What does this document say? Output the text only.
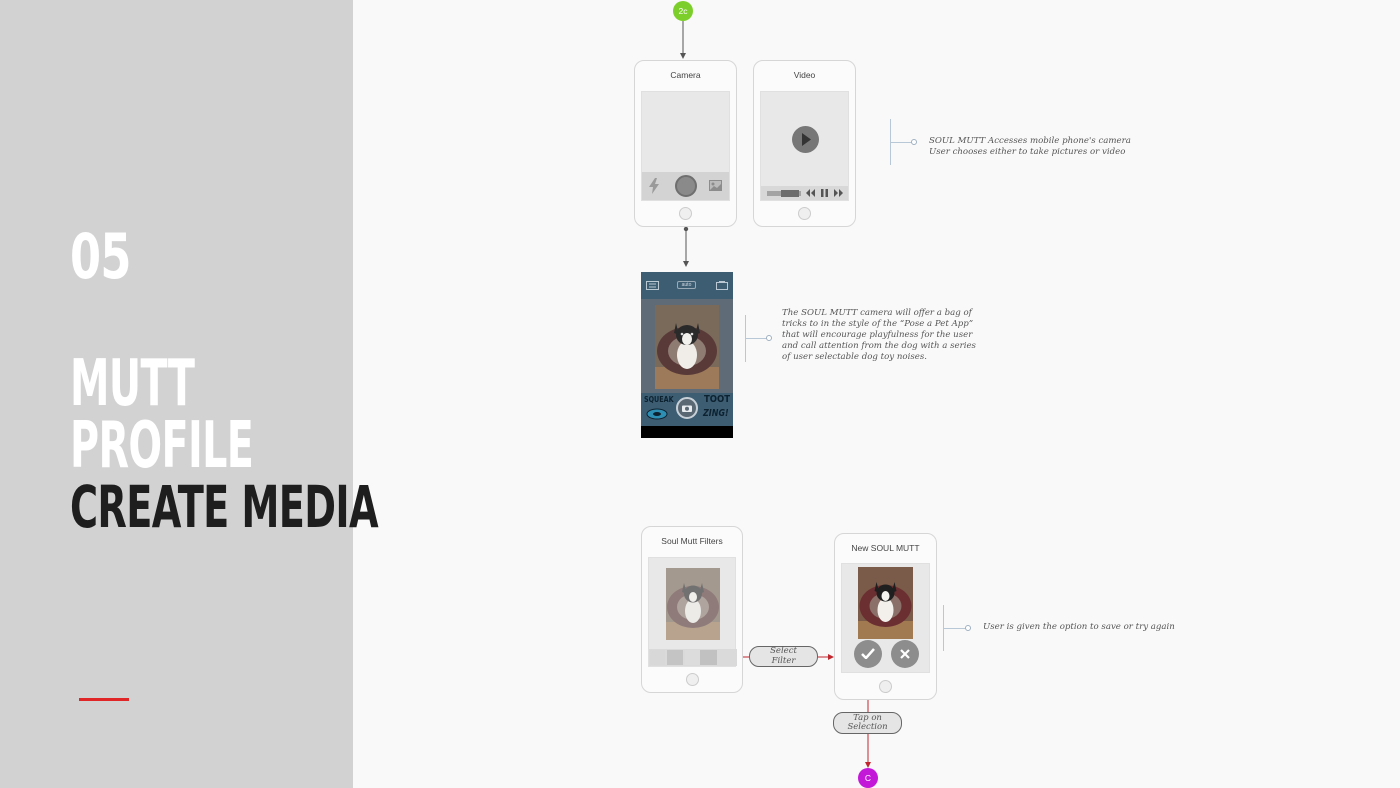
05
MUTT
PROFILE
CREATE MEDIA
2c
Camera	Video
SOUL MUTT Accesses mobile phone's camera
User chooses either to take pictures or video
auto
SQUEAK	TOOT
ZING!
The SOUL MUTT camera will offer a bag of
tricks to in the style of the “Pose a Pet App”
that will encourage playfulness for the user
and call attention from the dog with a series
of user selectable dog toy noises.
Soul Mutt Filters
Select
Filter
New SOUL MUTT
User is given the option to save or try again
Tap on
Selection
C
